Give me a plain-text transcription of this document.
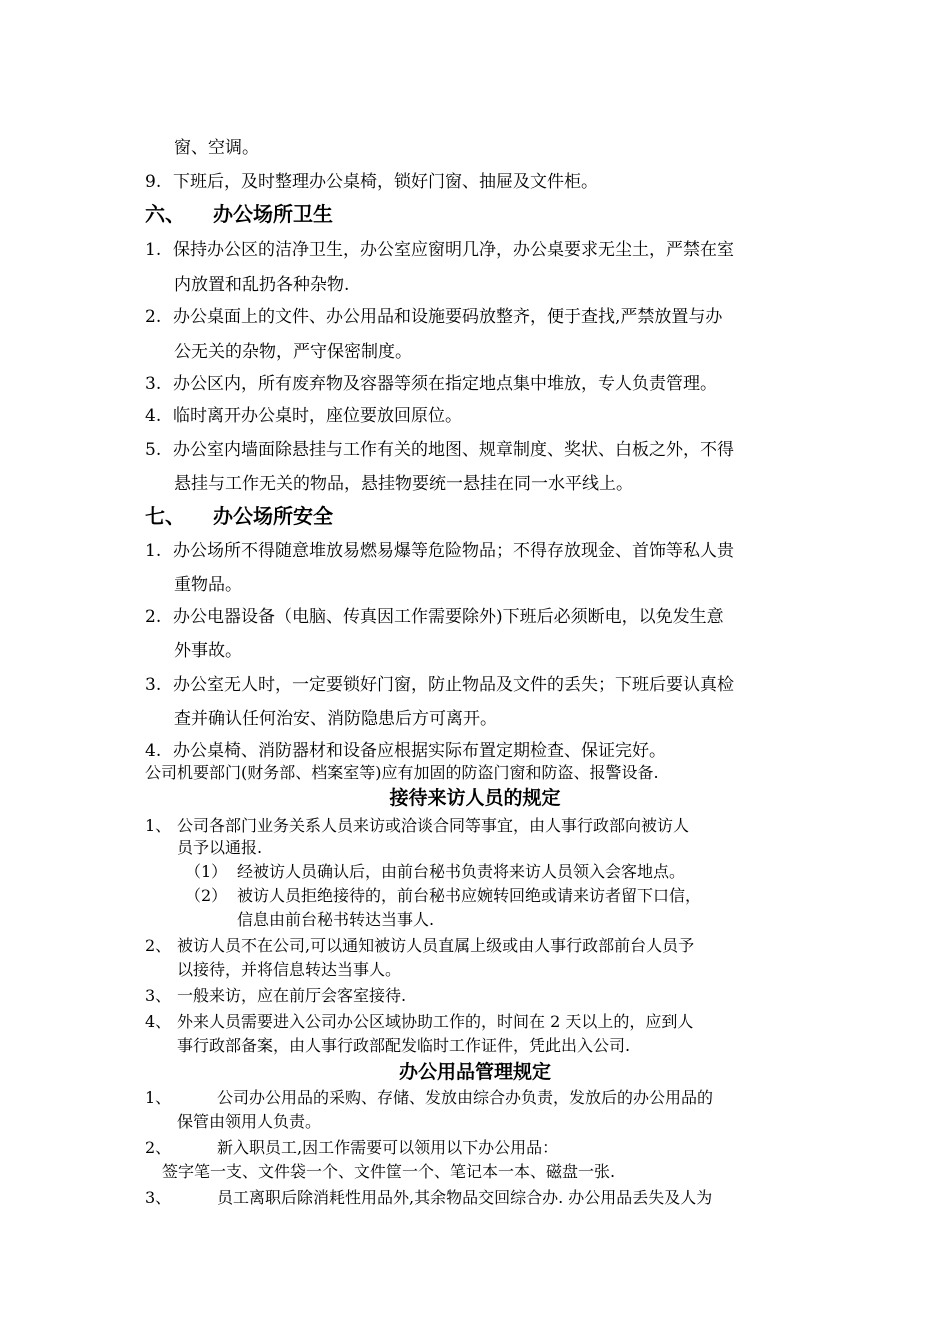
窗、空调。
9. 下班后，及时整理办公桌椅，锁好门窗、抽屉及文件柜。
六、 办公场所卫生
1. 保持办公区的洁净卫生，办公室应窗明几净，办公桌要求无尘土，严禁在室
内放置和乱扔各种杂物.
2. 办公桌面上的文件、办公用品和设施要码放整齐，便于查找,严禁放置与办
公无关的杂物，严守保密制度。
3. 办公区内，所有废弃物及容器等须在指定地点集中堆放，专人负责管理。
4. 临时离开办公桌时，座位要放回原位。
5. 办公室内墙面除悬挂与工作有关的地图、规章制度、奖状、白板之外，不得
悬挂与工作无关的物品，悬挂物要统一悬挂在同一水平线上。
七、 办公场所安全
1. 办公场所不得随意堆放易燃易爆等危险物品；不得存放现金、首饰等私人贵
重物品。
2. 办公电器设备（电脑、传真因工作需要除外)下班后必须断电，以免发生意
外事故。
3. 办公室无人时，一定要锁好门窗，防止物品及文件的丢失；下班后要认真检
查并确认任何治安、消防隐患后方可离开。
4. 办公桌椅、消防器材和设备应根据实际布置定期检查、保证完好。
公司机要部门(财务部、档案室等)应有加固的防盗门窗和防盗、报警设备.
接待来访人员的规定
1、 公司各部门业务关系人员来访或洽谈合同等事宜，由人事行政部向被访人
员予以通报.
（1） 经被访人员确认后，由前台秘书负责将来访人员领入会客地点。
（2） 被访人员拒绝接待的，前台秘书应婉转回绝或请来访者留下口信，
信息由前台秘书转达当事人.
2、 被访人员不在公司,可以通知被访人员直属上级或由人事行政部前台人员予
以接待，并将信息转达当事人。
3、 一般来访，应在前厅会客室接待.
4、 外来人员需要进入公司办公区域协助工作的，时间在 2 天以上的，应到人
事行政部备案，由人事行政部配发临时工作证件，凭此出入公司.
办公用品管理规定
1、	公司办公用品的采购、存储、发放由综合办负责，发放后的办公用品的
保管由领用人负责。
2、	新入职员工,因工作需要可以领用以下办公用品：
签字笔一支、文件袋一个、文件筐一个、笔记本一本、磁盘一张.
3、	员工离职后除消耗性用品外,其余物品交回综合办. 办公用品丢失及人为
